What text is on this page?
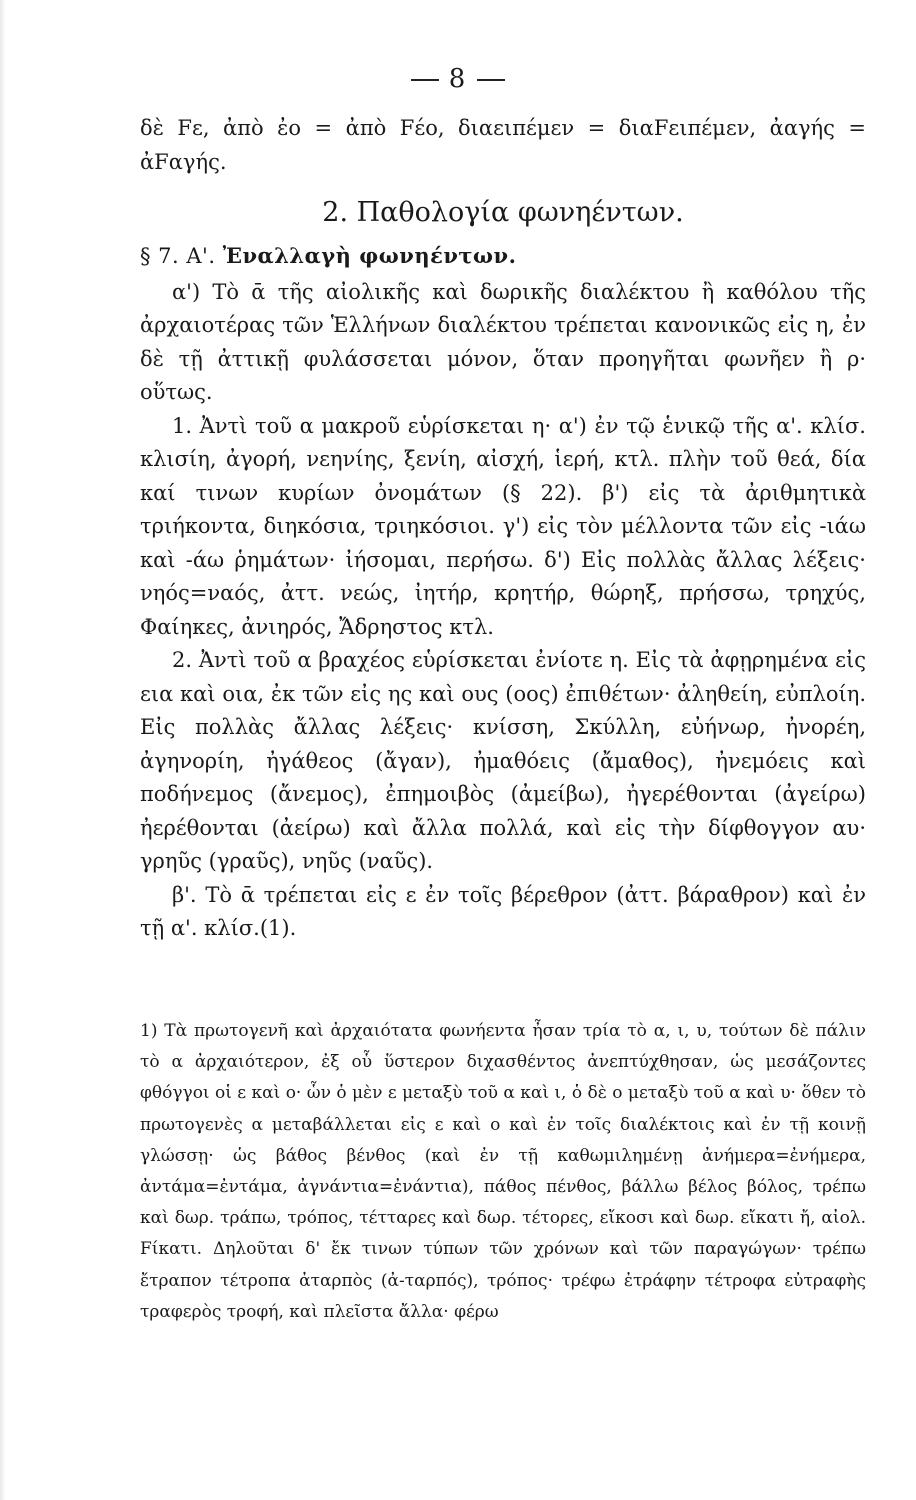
8

δὲ Fε, ἀπὸ ἐο = ἀπὸ Fέο, διαειπέμεν = διαFειπέμεν, ἀαγής = ἀFαγής.

2. Παθολογία φωνηέντων.
§ 7. Α'. Ἐναλλαγὴ φωνηέντων.

α') Τὸ ᾱ τῆς αἰολικῆς καὶ δωρικῆς διαλέκτου ἢ καθόλου τῆς ἀρχαιοτέρας τῶν Ἑλλήνων διαλέκτου τρέπεται κανονικῶς εἰς η, ἐν δὲ τῇ ἀττικῇ φυλάσσεται μόνον, ὅταν προηγῆται φωνῆεν ἢ ρ· οὕτως.

1. Ἀντὶ τοῦ α μακροῦ εὑρίσκεται η· α') ἐν τῷ ἑνικῷ τῆς α'. κλίσ. κλισίη, ἀγορή, νεηνίης, ξενίη, αἰσχή, ἱερή, κτλ. πλὴν τοῦ θεά, δία καί τινων κυρίων ὀνομάτων (§ 22). β') εἰς τὰ ἀριθμητικὰ τριήκοντα, διηκόσια, τριηκόσιοι. γ') εἰς τὸν μέλλοντα τῶν εἰς -ιάω καὶ -άω ῥημάτων· ἰήσομαι, περήσω. δ') Εἰς πολλὰς ἄλλας λέξεις· νηός=ναός, ἀττ. νεώς, ἰητήρ, κρητήρ, θώρηξ, πρήσσω, τρηχύς, Φαίηκες, ἀνιηρός, Ἄδρηστος κτλ.

2. Ἀντὶ τοῦ α βραχέος εὑρίσκεται ἐνίοτε η. Εἰς τὰ ἀφῃρημένα εἰς εια καὶ οια, ἐκ τῶν εἰς ης καὶ ους (οος) ἐπιθέτων· ἀληθείη, εὐπλοίη. Εἰς πολλὰς ἄλλας λέξεις· κνίσση, Σκύλλη, εὐήνωρ, ἠνορέη, ἀγηνορίη, ἠγάθεος (ἄγαν), ἠμαθόεις (ἄμαθος), ἠνεμόεις καὶ ποδήνεμος (ἄνεμος), ἐπημοιβὸς (ἀμείβω), ἠγερέθονται (ἀγείρω) ἠερέθονται (ἀείρω) καὶ ἄλλα πολλά, καὶ εἰς τὴν δίφθογγον αυ· γρηῦς (γραῦς), νηῦς (ναῦς).

β'. Τὸ ᾱ τρέπεται εἰς ε ἐν τοῖς βέρεθρον (ἀττ. βάραθρον) καὶ ἐν τῇ α'. κλίσ.(1).

1) Τὰ πρωτογενῆ καὶ ἀρχαιότατα φωνήεντα ἦσαν τρία τὸ α, ι, υ, τούτων δὲ πάλιν τὸ α ἀρχαιότερον, ἐξ οὗ ὕστερον διχασθέντος ἀνεπτύχθησαν, ὡς μεσάζοντες φθόγγοι οἱ ε καὶ ο· ὧν ὁ μὲν ε μεταξὺ τοῦ α καὶ ι, ὁ δὲ ο μεταξὺ τοῦ α καὶ υ· ὅθεν τὸ πρωτογενὲς α μεταβάλλεται εἰς ε καὶ ο καὶ ἐν τοῖς διαλέκτοις καὶ ἐν τῇ κοινῇ γλώσσῃ· ὡς βάθος βένθος (καὶ ἐν τῇ καθωμιλημένῃ ἀνήμερα=ἐνήμερα, ἀντάμα=ἐντάμα, ἀγνάντια=ἐνάντια), πάθος πένθος, βάλλω βέλος βόλος, τρέπω καὶ δωρ. τράπω, τρόπος, τέτταρες καὶ δωρ. τέτορες, εἴκοσι καὶ δωρ. εἴκατι ἤ, αἰολ. Fίκατι. Δηλοῦται δ' ἔκ τινων τύπων τῶν χρόνων καὶ τῶν παραγώγων· τρέπω ἔτραπον τέτροπα ἀταρπὸς (ἀ-ταρπός), τρόπος· τρέφω ἐτράφην τέτροφα εὐτραφὴς τραφερὸς τροφή, καὶ πλεῖστα ἄλλα· φέρω
